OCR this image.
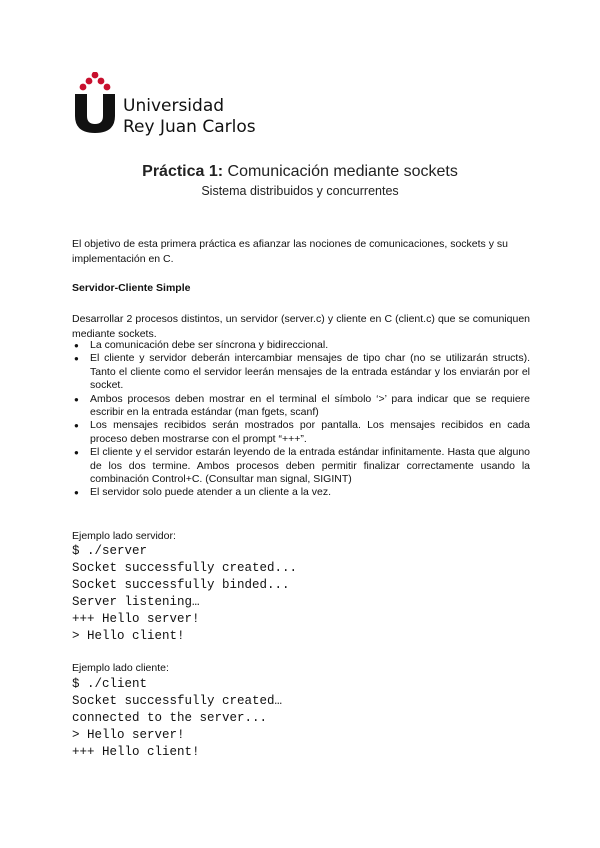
Universidad
Rey Juan Carlos
Práctica 1: Comunicación mediante sockets
Sistema distribuidos y concurrentes
El objetivo de esta primera práctica es afianzar las nociones de comunicaciones, sockets y su implementación en C.
Servidor-Cliente Simple
Desarrollar 2 procesos distintos, un servidor (server.c) y cliente en C (client.c) que se comuniquen mediante sockets.
● La comunicación debe ser síncrona y bidireccional.
● El cliente y servidor deberán intercambiar mensajes de tipo char (no se utilizarán structs). Tanto el cliente como el servidor leerán mensajes de la entrada estándar y los enviarán por el socket.
● Ambos procesos deben mostrar en el terminal el símbolo ‘>’ para indicar que se requiere escribir en la entrada estándar (man fgets, scanf)
● Los mensajes recibidos serán mostrados por pantalla. Los mensajes recibidos en cada proceso deben mostrarse con el prompt “+++”.
● El cliente y el servidor estarán leyendo de la entrada estándar infinitamente. Hasta que alguno de los dos termine. Ambos procesos deben permitir finalizar correctamente usando la combinación Control+C. (Consultar man signal, SIGINT)
● El servidor solo puede atender a un cliente a la vez.
Ejemplo lado servidor:
$ ./server
Socket successfully created...
Socket successfully binded...
Server listening…
+++ Hello server!
> Hello client!
Ejemplo lado cliente:
$ ./client
Socket successfully created…
connected to the server...
> Hello server!
+++ Hello client!
